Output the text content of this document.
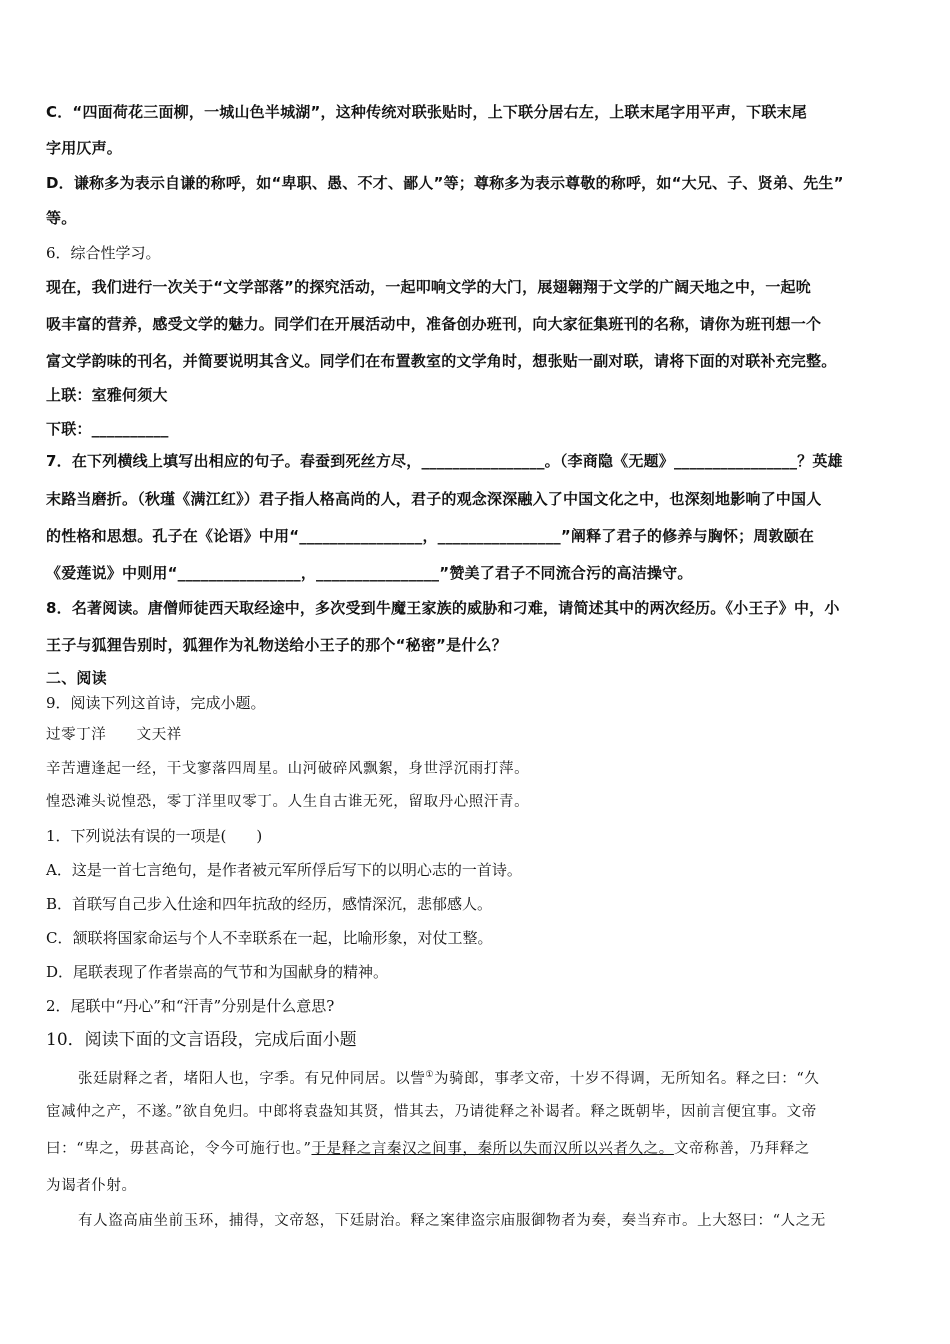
C．“四面荷花三面柳，一城山色半城湖”，这种传统对联张贴时，上下联分居右左，上联末尾字用平声，下联末尾
字用仄声。
D．谦称多为表示自谦的称呼，如“卑职、愚、不才、鄙人”等；尊称多为表示尊敬的称呼，如“大兄、子、贤弟、先生”
等。
6．综合性学习。
现在，我们进行一次关于“文学部落”的探究活动，一起叩响文学的大门，展翅翱翔于文学的广阔天地之中，一起吮
吸丰富的营养，感受文学的魅力。同学们在开展活动中，准备创办班刊，向大家征集班刊的名称，请你为班刊想一个
富文学韵味的刊名，并简要说明其含义。同学们在布置教室的文学角时，想张贴一副对联，请将下面的对联补充完整。
上联：室雅何须大
下联：__________
7．在下列横线上填写出相应的句子。春蚕到死丝方尽，________________。（李商隐《无题》________________？英雄
末路当磨折。（秋瑾《满江红》）君子指人格高尚的人，君子的观念深深融入了中国文化之中，也深刻地影响了中国人
的性格和思想。孔子在《论语》中用“________________，________________”阐释了君子的修养与胸怀；周敦颐在
《爱莲说》中则用“________________，________________”赞美了君子不同流合污的高洁操守。
8．名著阅读。唐僧师徒西天取经途中，多次受到牛魔王家族的威胁和刁难，请简述其中的两次经历。《小王子》中，小
王子与狐狸告别时，狐狸作为礼物送给小王子的那个“秘密”是什么？
二、阅读
9．阅读下列这首诗，完成小题。
过零丁洋　　文天祥
辛苦遭逢起一经，干戈寥落四周星。山河破碎风飘絮，身世浮沉雨打萍。
惶恐滩头说惶恐，零丁洋里叹零丁。人生自古谁无死，留取丹心照汗青。
1．下列说法有误的一项是(　　)
A．这是一首七言绝句，是作者被元军所俘后写下的以明心志的一首诗。
B．首联写自己步入仕途和四年抗敌的经历，感情深沉，悲郁感人。
C．颔联将国家命运与个人不幸联系在一起，比喻形象，对仗工整。
D．尾联表现了作者崇高的气节和为国献身的精神。
2．尾联中“丹心”和“汗青”分别是什么意思?
10．阅读下面的文言语段，完成后面小题
张廷尉释之者，堵阳人也，字季。有兄仲同居。以訾①为骑郎，事孝文帝，十岁不得调，无所知名。释之曰：“久
宦减仲之产，不遂。”欲自免归。中郎将袁盎知其贤，惜其去，乃请徙释之补谒者。释之既朝毕，因前言便宜事。文帝
曰：“卑之，毋甚高论，令今可施行也。”于是释之言秦汉之间事，秦所以失而汉所以兴者久之。文帝称善，乃拜释之
为谒者仆射。
有人盗高庙坐前玉环，捕得，文帝怒，下廷尉治。释之案律盗宗庙服御物者为奏，奏当弃市。上大怒曰：“人之无
